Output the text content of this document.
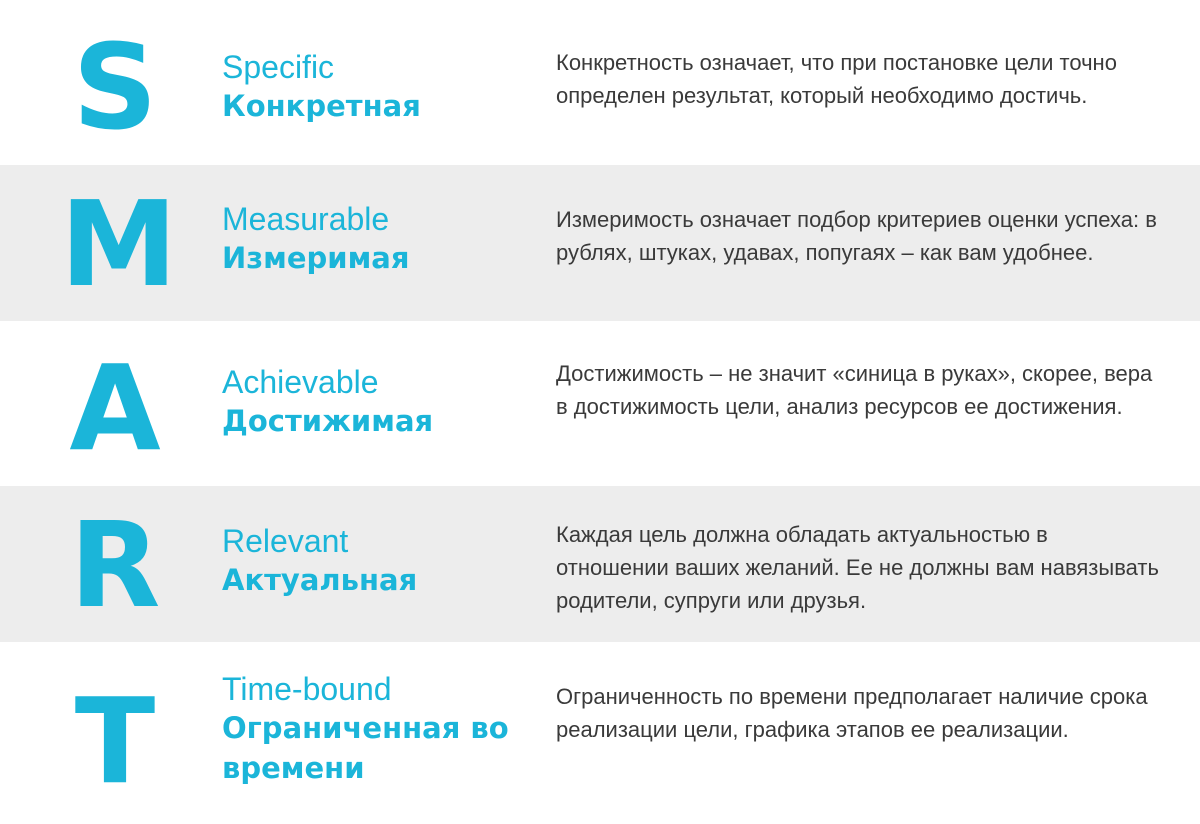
S	Specific
Конкретная
Конкретность означает, что при постановке цели точно определен результат, который необходимо достичь.
M Measurable
Измеримая
Измеримость означает подбор критериев оценки успеха: в рублях, штуках, удавах, попугаях – как вам удобнее.
A Achievable
Достижимая
Достижимость – не значит «синица в руках», скорее, вера в достижимость цели, анализ ресурсов ее достижения.
R Relevant
Актуальная
Каждая цель должна обладать актуальностью в отношении ваших желаний. Ее не должны вам навязывать родители, супруги или друзья.
T	Time-bound
Ограниченная во времени
Ограниченность по времени предполагает наличие срока реализации цели, графика этапов ее реализации.
